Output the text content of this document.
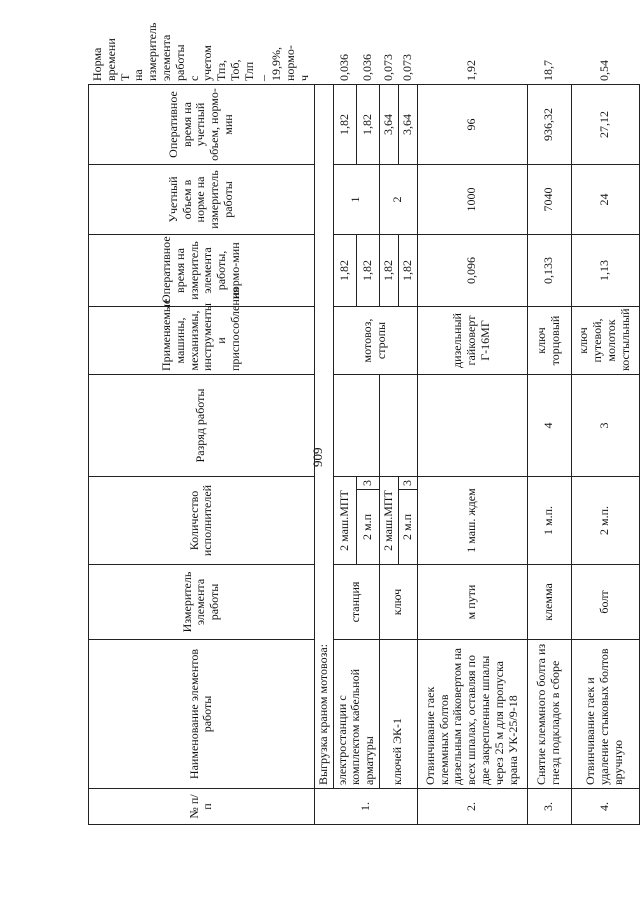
909
№ п/ п	Наименование элементов работы	Измеритель элемента работы	Количество исполнителей		Разряд работы	Применяемые машины, механизмы, инструменты и приспособления	Оперативное время на измеритель элемента работы, нормо-мин	Учетный объем в норме на измеритель работы	Оперативное время на учетный объем, нормо-мин	Норма времени Т на измеритель элемента работы с учетом Тпз, Тоб, Тлп – 19,9%, нормо-ч
1.	Выгрузка краном мотовоза:									
	электростанции с комплектом кабельной арматуры	станция	2 маш.МПТ			мотовоз, стропы	1,82	1	1,82	0,036
			2 м.п	3			1,82		1,82	0,036
	ключей ЭК-1	ключ	2 маш.МПТ				1,82	2	3,64	0,073
			2 м.п	3			1,82		3,64	0,073
2.	Отвинчивание гаек клеммных болтов дизельным гайковертом на всех шпалах, оставляя по две закрепленные шпалы через 25 м для пропуска крана УК-25/9-18	м пути	1 маш. ждем			дизельный гайковерт Г-16МГ	0,096	1000	96	1,92
3.	Снятие клеммного болта из гнезд подкладок в сборе	клемма	1 м.п.		4	ключ торцовый	0,133	7040	936,32	18,7
4.	Отвинчивание гаек и удаление стыковых болтов вручную	болт	2 м.п.		3	ключ путевой, молоток костыльный	1,13	24	27,12	0,54
